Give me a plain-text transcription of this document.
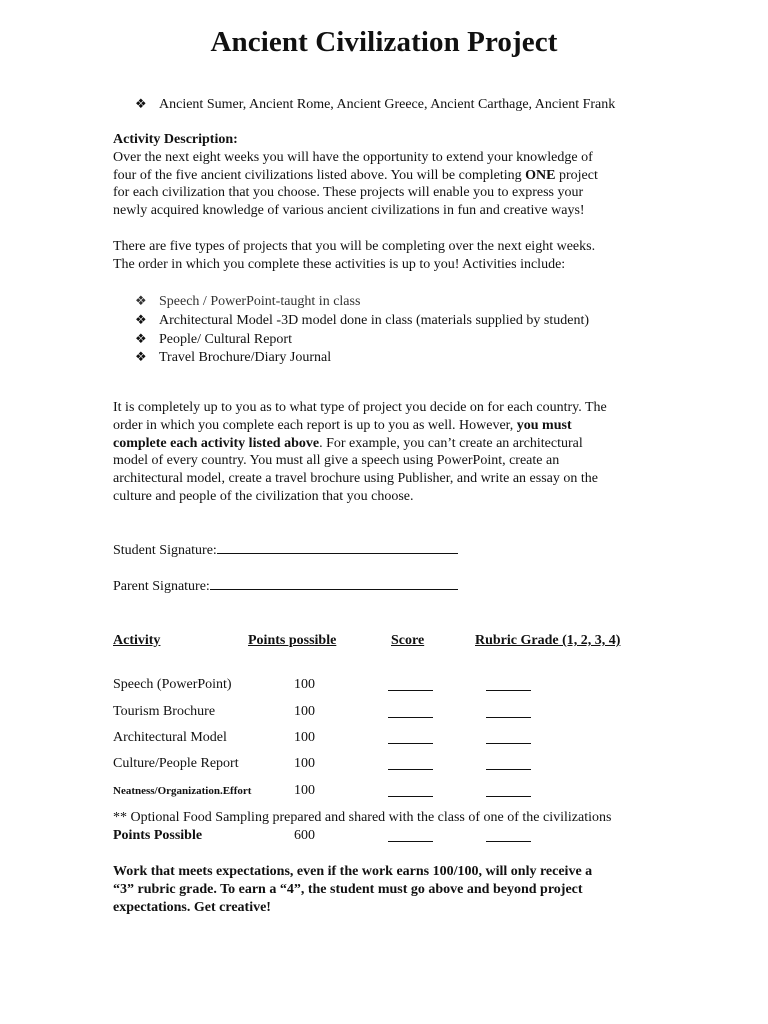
Ancient Civilization Project
❖ Ancient Sumer, Ancient Rome, Ancient Greece, Ancient Carthage, Ancient Frank
Activity Description:
Over the next eight weeks you will have the opportunity to extend your knowledge of
four of the five ancient civilizations listed above. You will be completing ONE project
for each civilization that you choose. These projects will enable you to express your
newly acquired knowledge of various ancient civilizations in fun and creative ways!
There are five types of projects that you will be completing over the next eight weeks.
The order in which you complete these activities is up to you! Activities include:
❖ Speech / PowerPoint-taught in class
❖ Architectural Model -3D model done in class (materials supplied by student)
❖ People/ Cultural Report
❖ Travel Brochure/Diary Journal
It is completely up to you as to what type of project you decide on for each country. The
order in which you complete each report is up to you as well. However, you must
complete each activity listed above. For example, you can’t create an architectural
model of every country. You must all give a speech using PowerPoint, create an
architectural model, create a travel brochure using Publisher, and write an essay on the
culture and people of the civilization that you choose.
Student Signature:
Parent Signature:
Activity	Points possible	Score	Rubric Grade (1, 2, 3, 4)
Speech (PowerPoint)	100
Tourism Brochure	100
Architectural Model	100
Culture/People Report	100
Neatness/Organization.Effort	100
** Optional Food Sampling prepared and shared with the class of one of the civilizations
Points Possible	600
Work that meets expectations, even if the work earns 100/100, will only receive a
“3” rubric grade. To earn a “4”, the student must go above and beyond project
expectations. Get creative!
